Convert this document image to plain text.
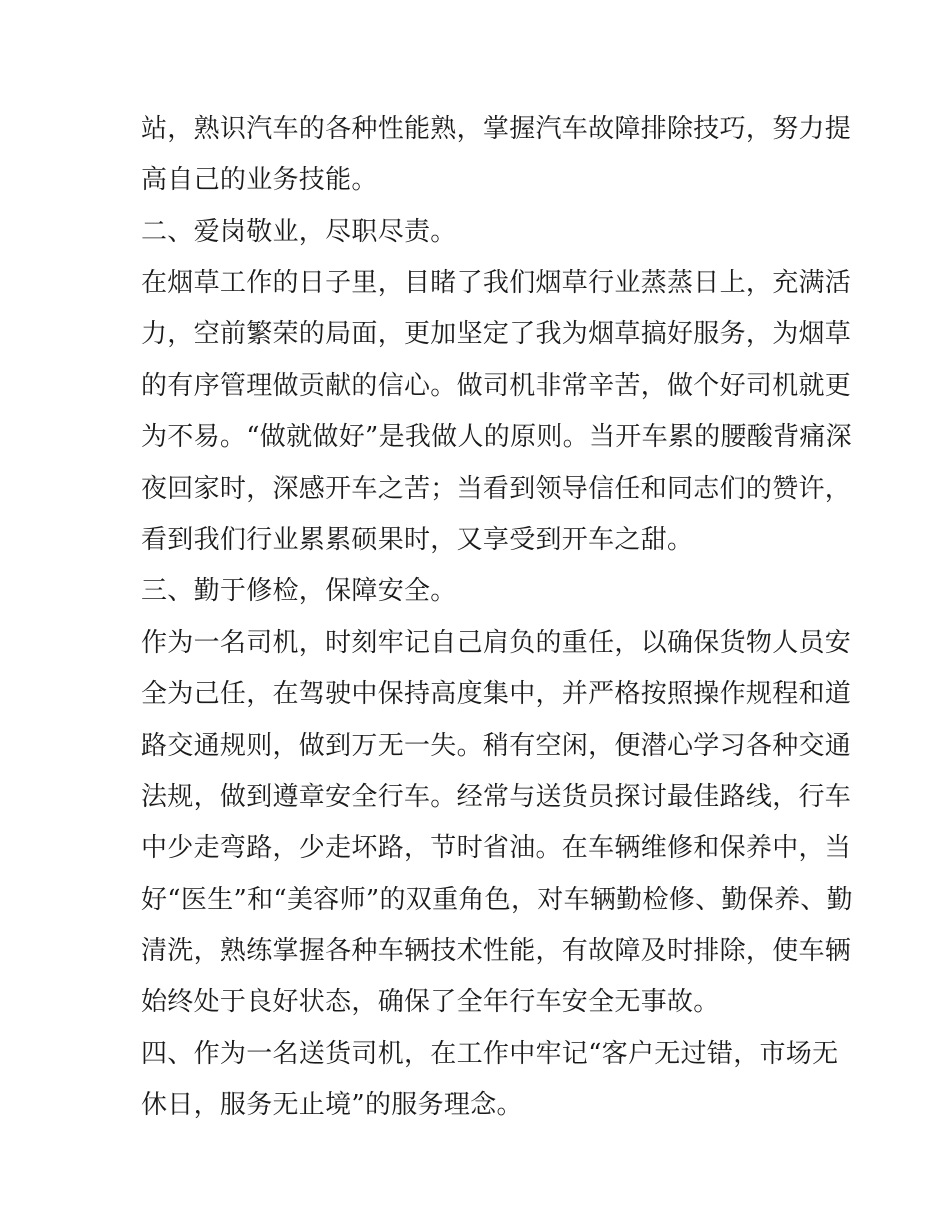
站，熟识汽车的各种性能熟，掌握汽车故障排除技巧，努力提
高自己的业务技能。
二、爱岗敬业，尽职尽责。
在烟草工作的日子里，目睹了我们烟草行业蒸蒸日上，充满活
力，空前繁荣的局面，更加坚定了我为烟草搞好服务，为烟草
的有序管理做贡献的信心。做司机非常辛苦，做个好司机就更
为不易。“做就做好”是我做人的原则。当开车累的腰酸背痛深
夜回家时，深感开车之苦；当看到领导信任和同志们的赞许，
看到我们行业累累硕果时，又享受到开车之甜。
三、勤于修检，保障安全。
作为一名司机，时刻牢记自己肩负的重任，以确保货物人员安
全为己任，在驾驶中保持高度集中，并严格按照操作规程和道
路交通规则，做到万无一失。稍有空闲，便潜心学习各种交通
法规，做到遵章安全行车。经常与送货员探讨最佳路线，行车
中少走弯路，少走坏路，节时省油。在车辆维修和保养中，当
好“医生”和“美容师”的双重角色，对车辆勤检修、勤保养、勤
清洗，熟练掌握各种车辆技术性能，有故障及时排除，使车辆
始终处于良好状态，确保了全年行车安全无事故。
四、作为一名送货司机，在工作中牢记“客户无过错，市场无
休日，服务无止境”的服务理念。
